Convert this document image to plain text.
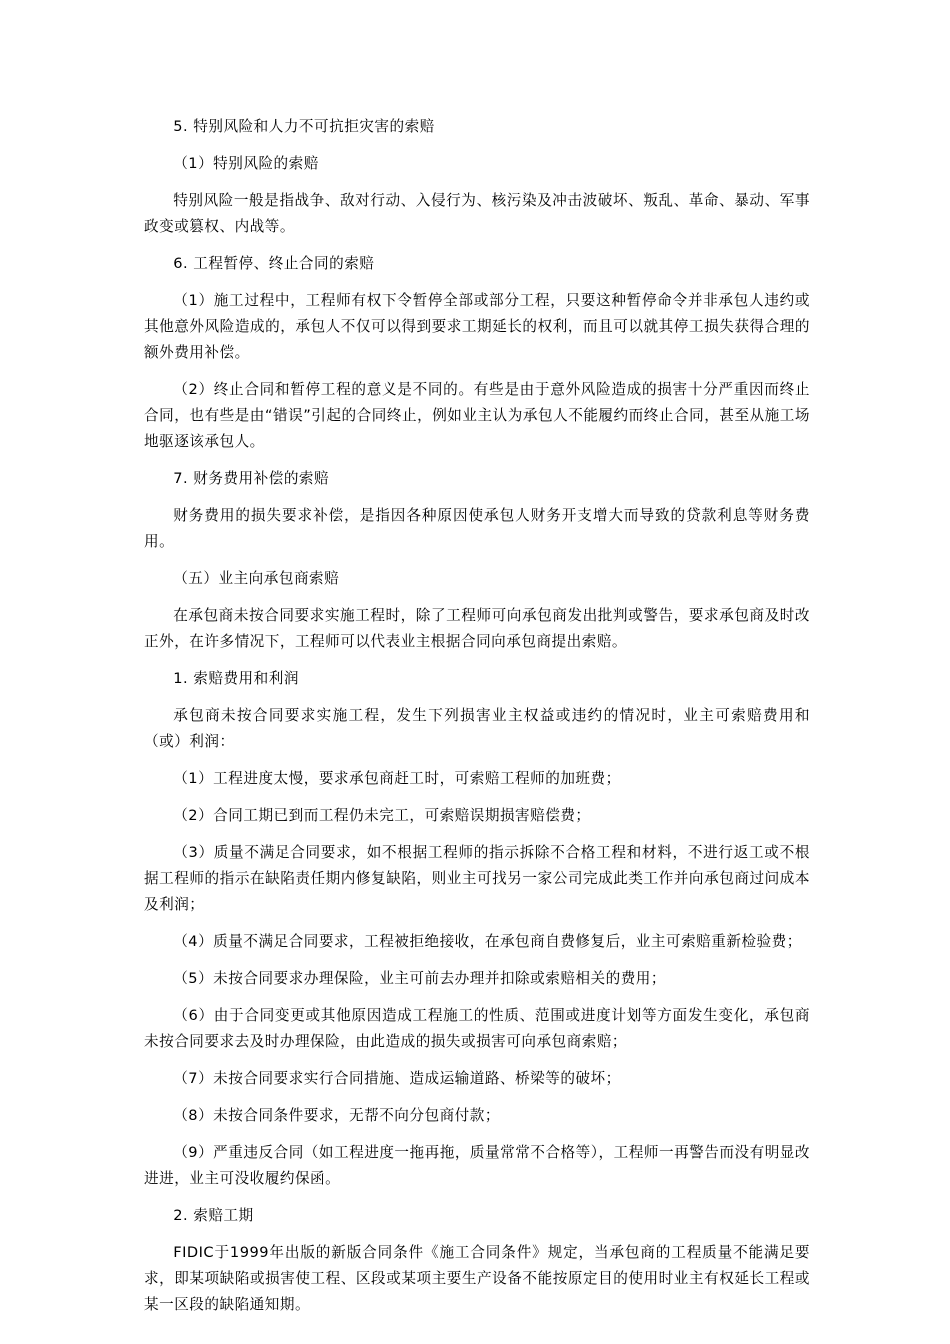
5. 特别风险和人力不可抗拒灾害的索赔

（1）特别风险的索赔

特别风险一般是指战争、敌对行动、入侵行为、核污染及冲击波破坏、叛乱、革命、暴动、军事政变或篡权、内战等。

6. 工程暂停、终止合同的索赔

（1）施工过程中，工程师有权下令暂停全部或部分工程，只要这种暂停命令并非承包人违约或其他意外风险造成的，承包人不仅可以得到要求工期延长的权利，而且可以就其停工损失获得合理的额外费用补偿。

（2）终止合同和暂停工程的意义是不同的。有些是由于意外风险造成的损害十分严重因而终止合同，也有些是由“错误”引起的合同终止，例如业主认为承包人不能履约而终止合同，甚至从施工场地驱逐该承包人。

7. 财务费用补偿的索赔

财务费用的损失要求补偿，是指因各种原因使承包人财务开支增大而导致的贷款利息等财务费用。

（五）业主向承包商索赔

在承包商未按合同要求实施工程时，除了工程师可向承包商发出批判或警告，要求承包商及时改正外，在许多情况下，工程师可以代表业主根据合同向承包商提出索赔。

1. 索赔费用和利润

承包商未按合同要求实施工程，发生下列损害业主权益或违约的情况时，业主可索赔费用和（或）利润：

（1）工程进度太慢，要求承包商赶工时，可索赔工程师的加班费；

（2）合同工期已到而工程仍未完工，可索赔误期损害赔偿费；

（3）质量不满足合同要求，如不根据工程师的指示拆除不合格工程和材料，不进行返工或不根据工程师的指示在缺陷责任期内修复缺陷，则业主可找另一家公司完成此类工作并向承包商过问成本及利润；

（4）质量不满足合同要求，工程被拒绝接收，在承包商自费修复后，业主可索赔重新检验费；

（5）未按合同要求办理保险，业主可前去办理并扣除或索赔相关的费用；

（6）由于合同变更或其他原因造成工程施工的性质、范围或进度计划等方面发生变化，承包商未按合同要求去及时办理保险，由此造成的损失或损害可向承包商索赔；

（7）未按合同要求实行合同措施、造成运输道路、桥梁等的破坏；

（8）未按合同条件要求，无帮不向分包商付款；

（9）严重违反合同（如工程进度一拖再拖，质量常常不合格等），工程师一再警告而没有明显改进进，业主可没收履约保函。

2. 索赔工期

FIDIC于1999年出版的新版合同条件《施工合同条件》规定，当承包商的工程质量不能满足要求，即某项缺陷或损害使工程、区段或某项主要生产设备不能按原定目的使用时业主有权延长工程或某一区段的缺陷通知期。
